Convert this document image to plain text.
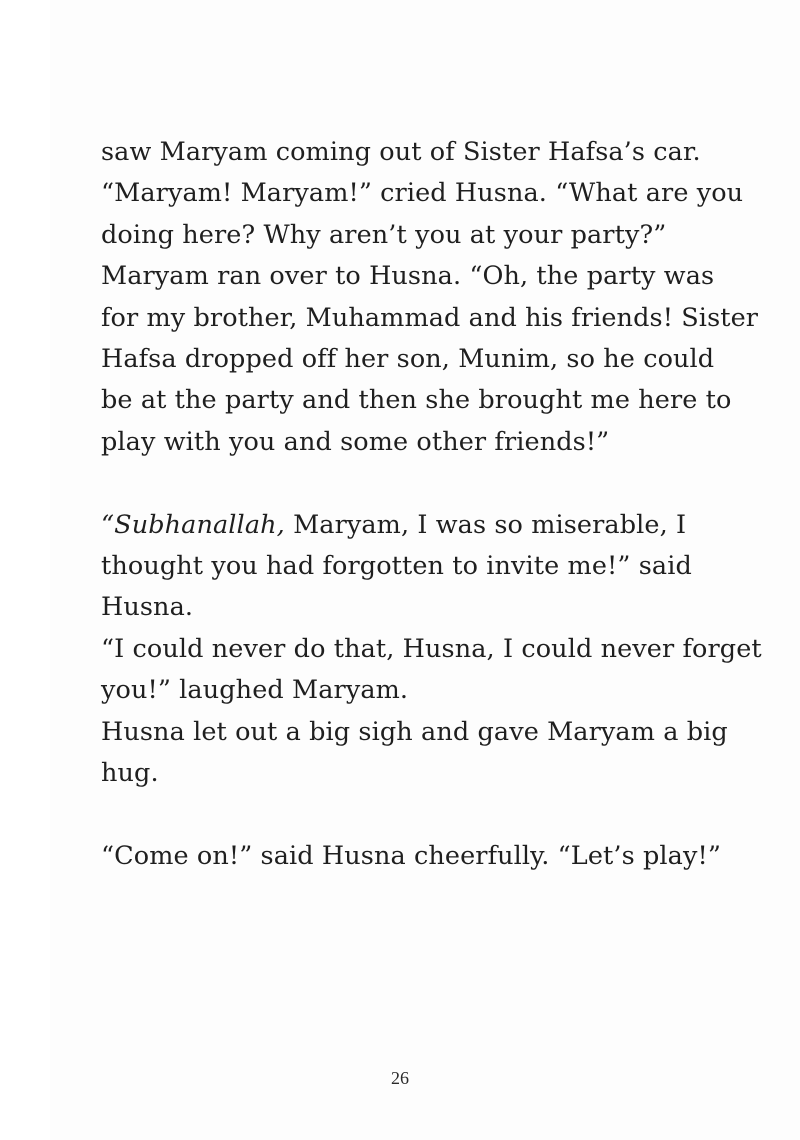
saw Maryam coming out of Sister Hafsa’s car.
“Maryam! Maryam!” cried Husna. “What are you
doing here? Why aren’t you at your party?”
Maryam ran over to Husna. “Oh, the party was
for my brother, Muhammad and his friends! Sister
Hafsa dropped off her son, Munim, so he could
be at the party and then she brought me here to
play with you and some other friends!”
“Subhanallah, Maryam, I was so miserable, I
thought you had forgotten to invite me!” said
Husna.
“I could never do that, Husna, I could never forget
you!” laughed Maryam.
Husna let out a big sigh and gave Maryam a big
hug.
“Come on!” said Husna cheerfully. “Let’s play!”
26
